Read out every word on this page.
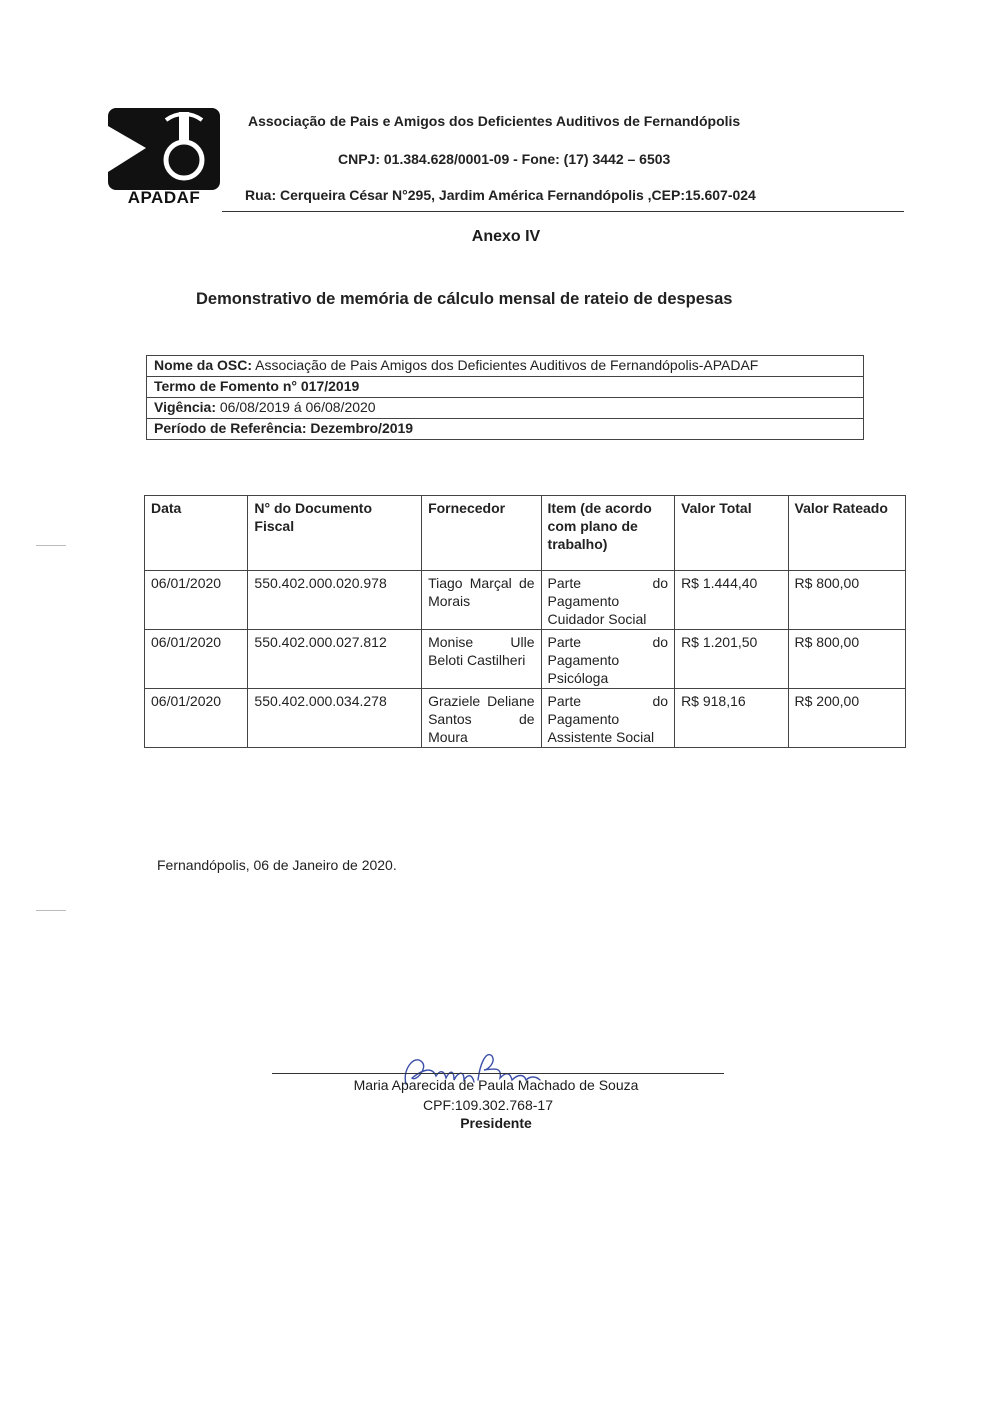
A
APADAF
Associação de Pais e Amigos dos Deficientes Auditivos de Fernandópolis
CNPJ: 01.384.628/0001-09 - Fone: (17) 3442 – 6503
Rua: Cerqueira César N°295, Jardim América Fernandópolis ,CEP:15.607-024
Anexo IV
Demonstrativo de memória de cálculo mensal de rateio de despesas
Nome da OSC: Associação de Pais Amigos dos Deficientes Auditivos de Fernandópolis-APADAF
Termo de Fomento n° 017/2019
Vigência: 06/08/2019 á 06/08/2020
Período de Referência: Dezembro/2019
Data	N° do Documento Fiscal	Fornecedor	Item (de acordo com plano de trabalho)	Valor Total	Valor Rateado
06/01/2020	550.402.000.020.978	Tiago Marçal de Morais	Parte do Pagamento Cuidador Social	R$ 1.444,40	R$ 800,00
06/01/2020	550.402.000.027.812	Monise Ulle Beloti Castilheri	Parte do Pagamento Psicóloga	R$ 1.201,50	R$ 800,00
06/01/2020	550.402.000.034.278	Graziele Deliane Santos de Moura	Parte do Pagamento Assistente Social	R$ 918,16	R$ 200,00
Fernandópolis, 06 de Janeiro de 2020.
Maria Aparecida de Paula Machado de Souza
CPF:109.302.768-17
Presidente
